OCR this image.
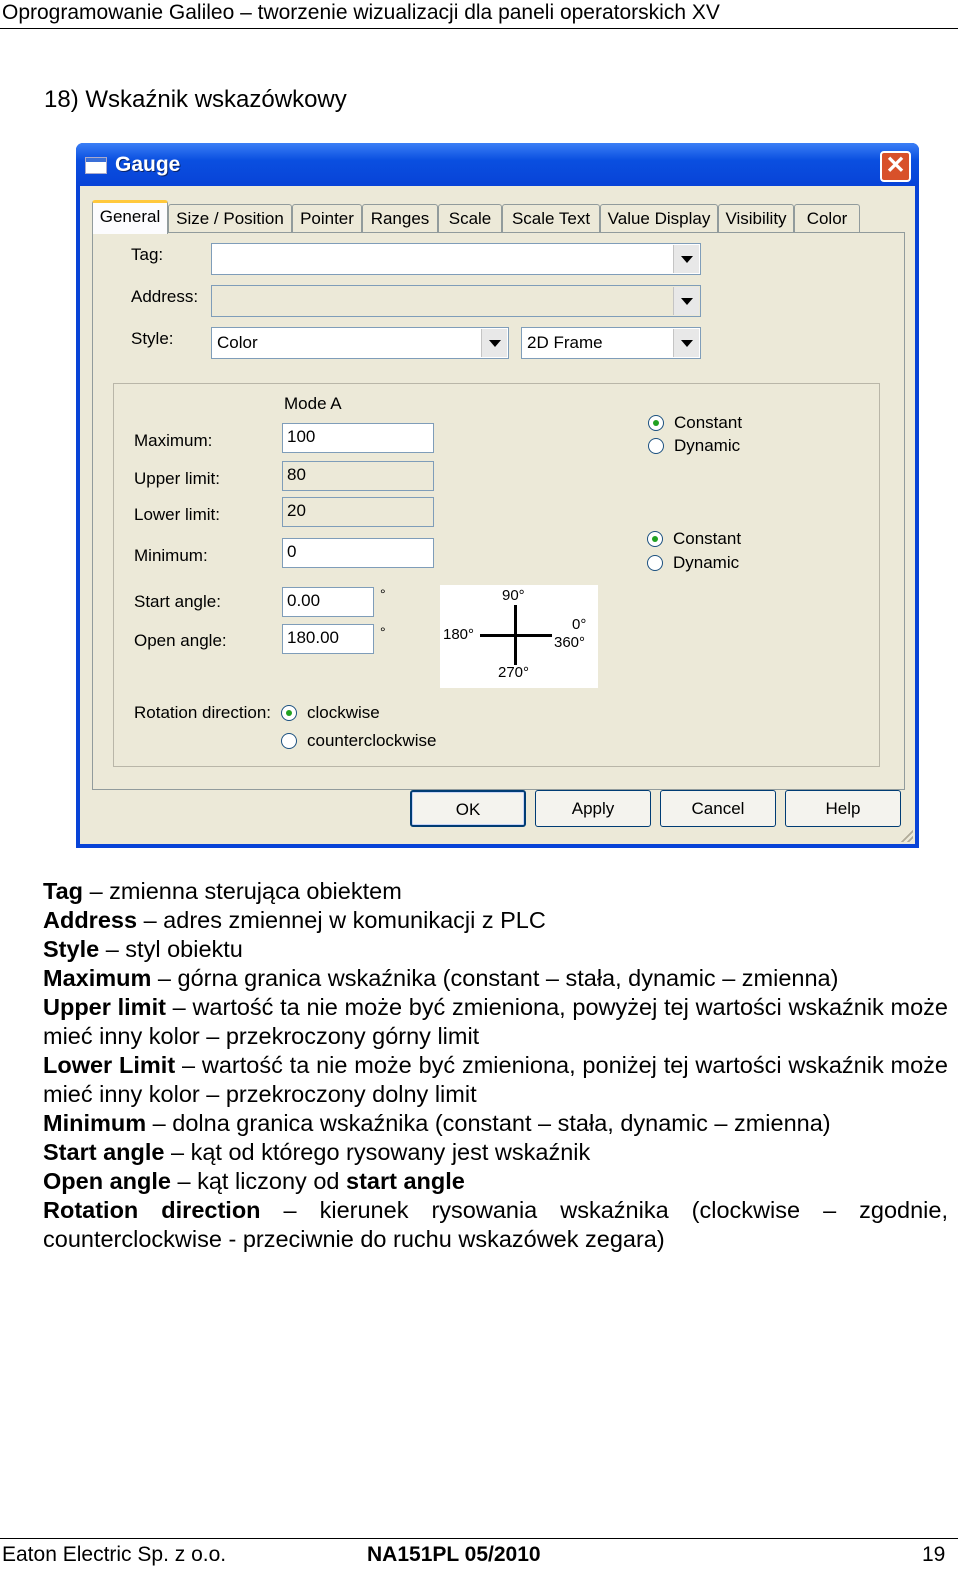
Oprogramowanie Galileo – tworzenie wizualizacji dla paneli operatorskich XV
18) Wskaźnik wskazówkowy
Gauge	✕
General Size / Position Pointer Ranges	Scale	Scale Text	Value Display Visibility	Color
Tag:
Address:
Style:	Color	2D Frame
Mode A
Maximum:	100
Upper limit:	80
Lower limit:	20
Minimum:	0
Start angle:	0.00	°
Open angle:	180.00	°
90°
180°
0°
360°
270°
Constant
Dynamic
Constant
Dynamic
Rotation direction: clockwise
counterclockwise
OK	Apply	Cancel	Help

Tag – zmienna sterująca obiektem

Address – adres zmiennej w komunikacji z PLC

Style – styl obiektu

Maximum – górna granica wskaźnika (constant – stała, dynamic – zmienna)

Upper limit – wartość ta nie może być zmieniona, powyżej tej wartości wskaźnik może mieć inny kolor – przekroczony górny limit

Lower Limit – wartość ta nie może być zmieniona, poniżej tej wartości wskaźnik może mieć inny kolor – przekroczony dolny limit

Minimum – dolna granica wskaźnika (constant – stała, dynamic – zmienna)

Start angle – kąt od którego rysowany jest wskaźnik

Open angle – kąt liczony od start angle

Rotation direction – kierunek rysowania wskaźnika (clockwise – zgodnie, counterclockwise - przeciwnie do ruchu wskazówek zegara)

Eaton Electric Sp. z o.o.	NA151PL 05/2010	19
